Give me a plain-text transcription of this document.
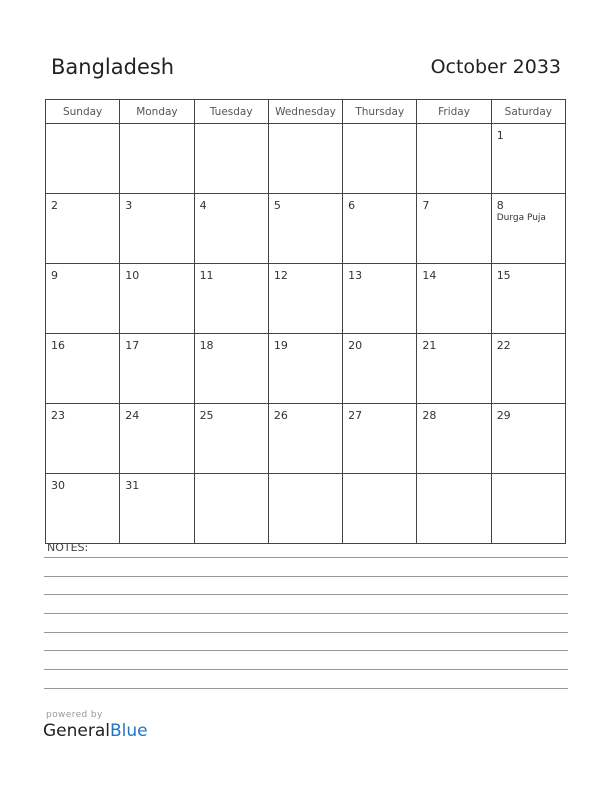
Bangladesh	October 2033
Sunday	Monday	Tuesday	Wednesday	Thursday	Friday	Saturday

						1

2	3	4	5	6	7	8
Durga Puja

9	10	11	12	13	14	15

16	17	18	19	20	21	22

23	24	25	26	27	28	29

30	31					

NOTES:
powered by
GeneralBlue
